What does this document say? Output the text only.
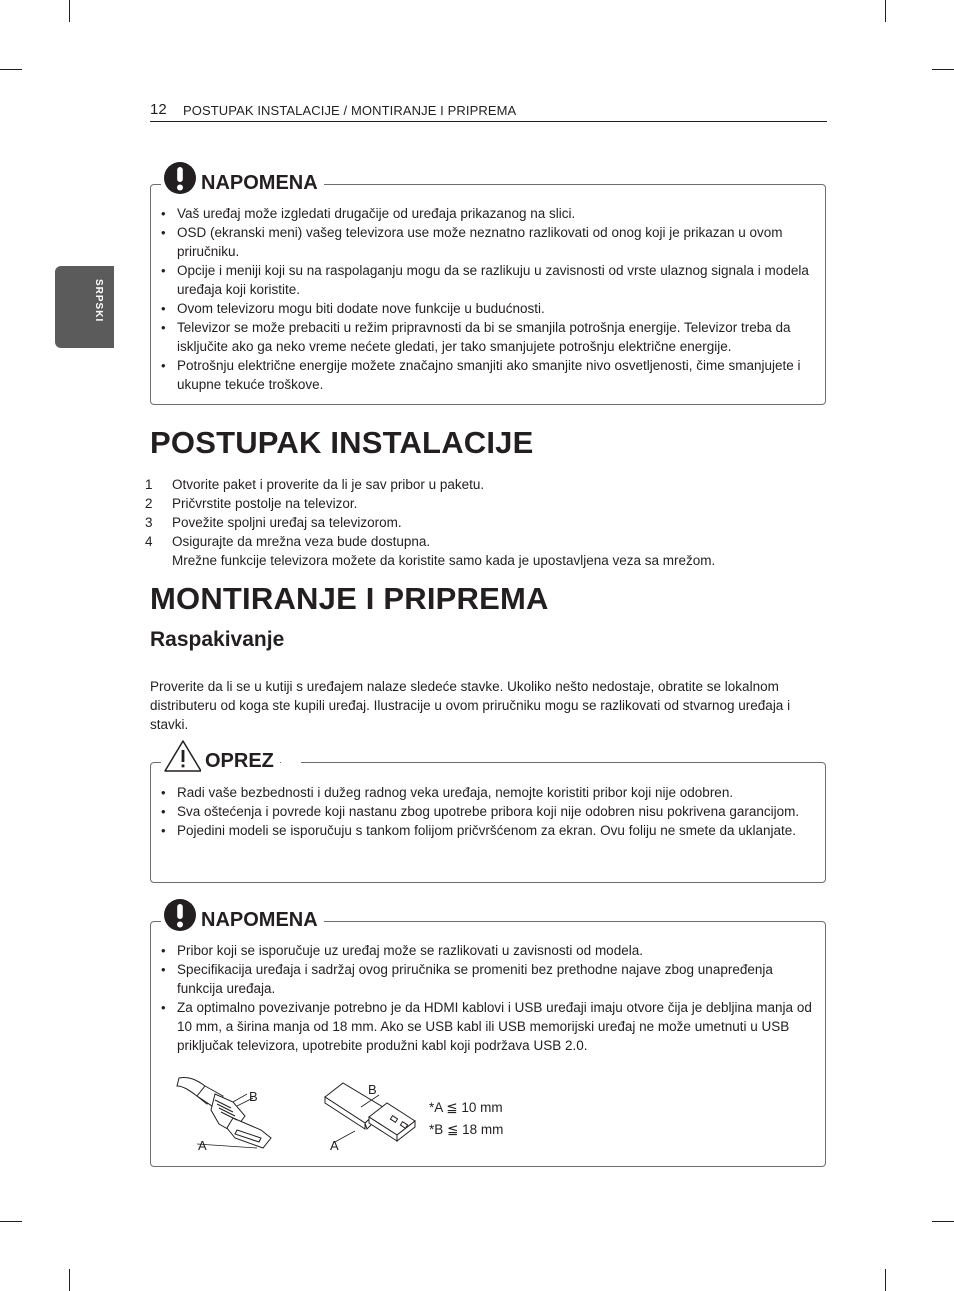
12 POSTUPAK INSTALACIJE / MONTIRANJE I PRIPREMA
SRPSKI
NAPOMENA
• Vaš uređaj može izgledati drugačije od uređaja prikazanog na slici.
• OSD (ekranski meni) vašeg televizora use može neznatno razlikovati od onog koji je prikazan u ovom priručniku.
• Opcije i meniji koji su na raspolaganju mogu da se razlikuju u zavisnosti od vrste ulaznog signala i modela uređaja koji koristite.
• Ovom televizoru mogu biti dodate nove funkcije u budućnosti.
• Televizor se može prebaciti u režim pripravnosti da bi se smanjila potrošnja energije. Televizor treba da isključite ako ga neko vreme nećete gledati, jer tako smanjujete potrošnju električne energije.
• Potrošnju električne energije možete značajno smanjiti ako smanjite nivo osvetljenosti, čime smanjujete i ukupne tekuće troškove.
POSTUPAK INSTALACIJE
1 Otvorite paket i proverite da li je sav pribor u paketu.
2 Pričvrstite postolje na televizor.
3 Povežite spoljni uređaj sa televizorom.
4 Osigurajte da mrežna veza bude dostupna.
Mrežne funkcije televizora možete da koristite samo kada je upostavljena veza sa mrežom.
MONTIRANJE I PRIPREMA
Raspakivanje

Proverite da li se u kutiji s uređajem nalaze sledeće stavke. Ukoliko nešto nedostaje, obratite se lokalnom distributeru od koga ste kupili uređaj. Ilustracije u ovom priručniku mogu se razlikovati od stvarnog uređaja i stavki.

OPREZ
• Radi vaše bezbednosti i dužeg radnog veka uređaja, nemojte koristiti pribor koji nije odobren.
• Sva oštećenja i povrede koji nastanu zbog upotrebe pribora koji nije odobren nisu pokrivena garancijom.
• Pojedini modeli se isporučuju s tankom folijom pričvršćenom za ekran. Ovu foliju ne smete da uklanjate.
NAPOMENA
• Pribor koji se isporučuje uz uređaj može se razlikovati u zavisnosti od modela.
• Specifikacija uređaja i sadržaj ovog priručnika se promeniti bez prethodne najave zbog unapređenja funkcija uređaja.
• Za optimalno povezivanje potrebno je da HDMI kablovi i USB uređaji imaju otvore čija je debljina manja od 10 mm, a širina manja od 18 mm. Ako se USB kabl ili USB memorijski uređaj ne može umetnuti u USB priključak televizora, upotrebite produžni kabl koji podržava USB 2.0.
B
A
B
A
*A ≦ 10 mm
*B ≦ 18 mm
